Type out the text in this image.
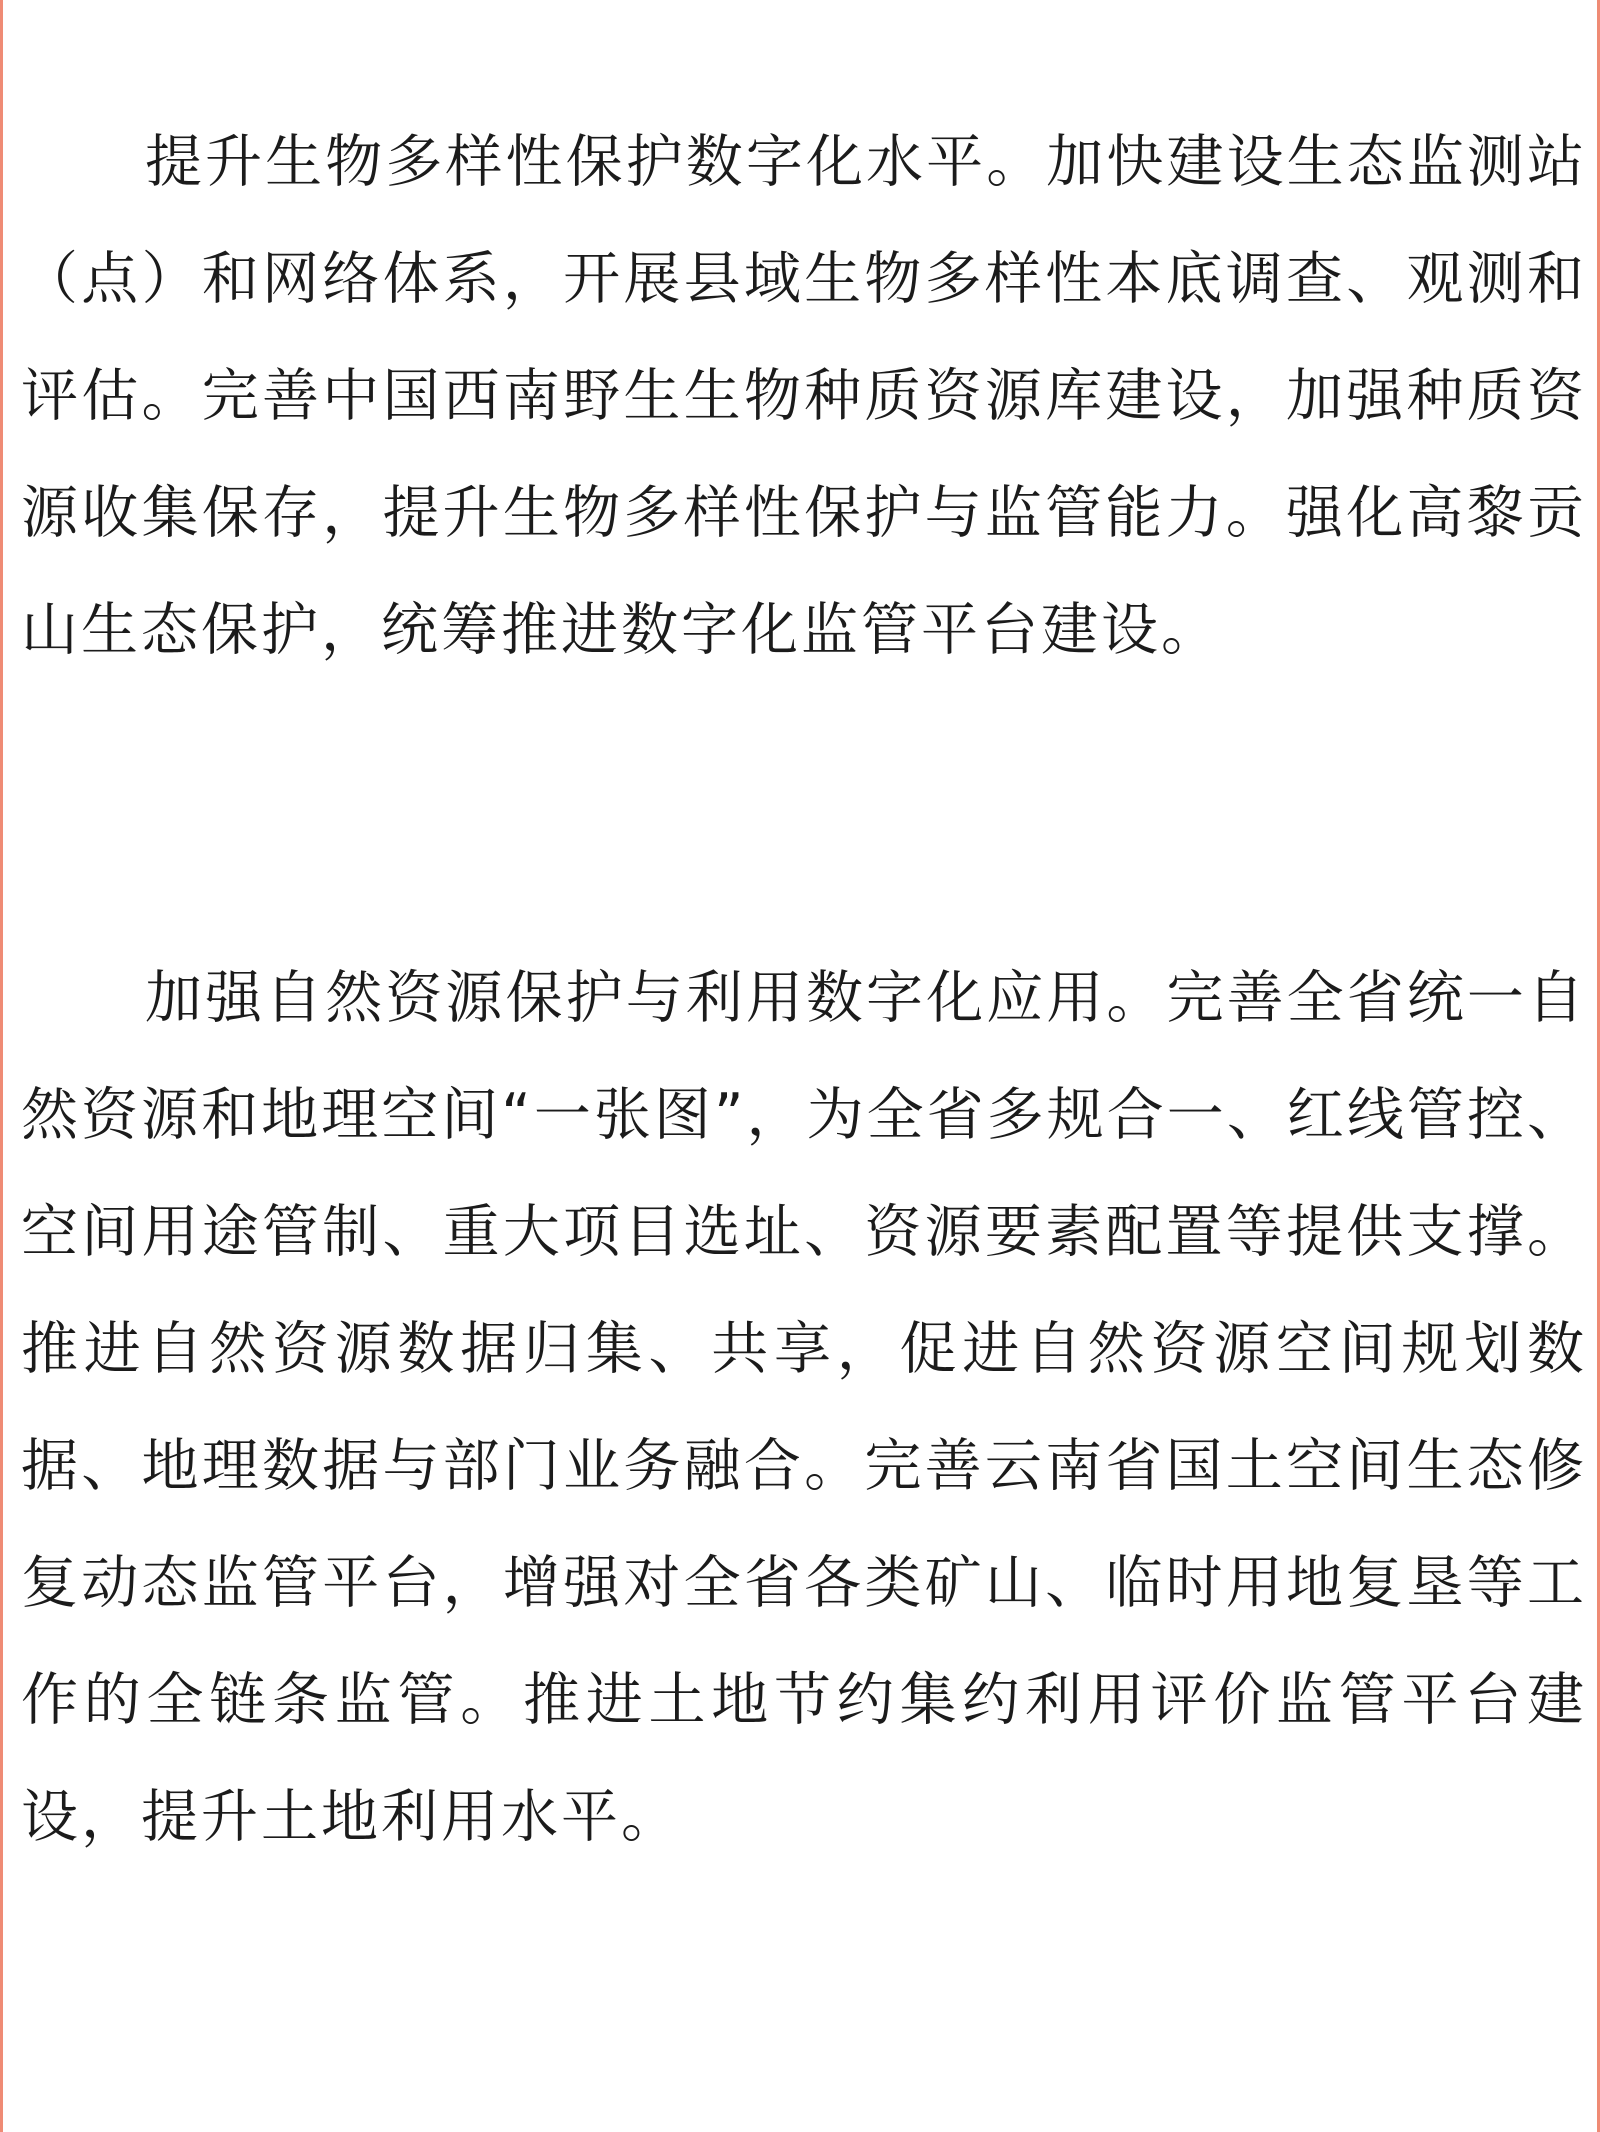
提升生物多样性保护数字化水平。加快建设生态监测站（点）和网络体系，开展县域生物多样性本底调查、观测和评估。完善中国西南野生生物种质资源库建设，加强种质资源收集保存，提升生物多样性保护与监管能力。强化高黎贡山生态保护，统筹推进数字化监管平台建设。

加强自然资源保护与利用数字化应用。完善全省统一自然资源和地理空间“一张图”，为全省多规合一、红线管控、空间用途管制、重大项目选址、资源要素配置等提供支撑。推进自然资源数据归集、共享，促进自然资源空间规划数据、地理数据与部门业务融合。完善云南省国土空间生态修复动态监管平台，增强对全省各类矿山、临时用地复垦等工作的全链条监管。推进土地节约集约利用评价监管平台建设，提升土地利用水平。
